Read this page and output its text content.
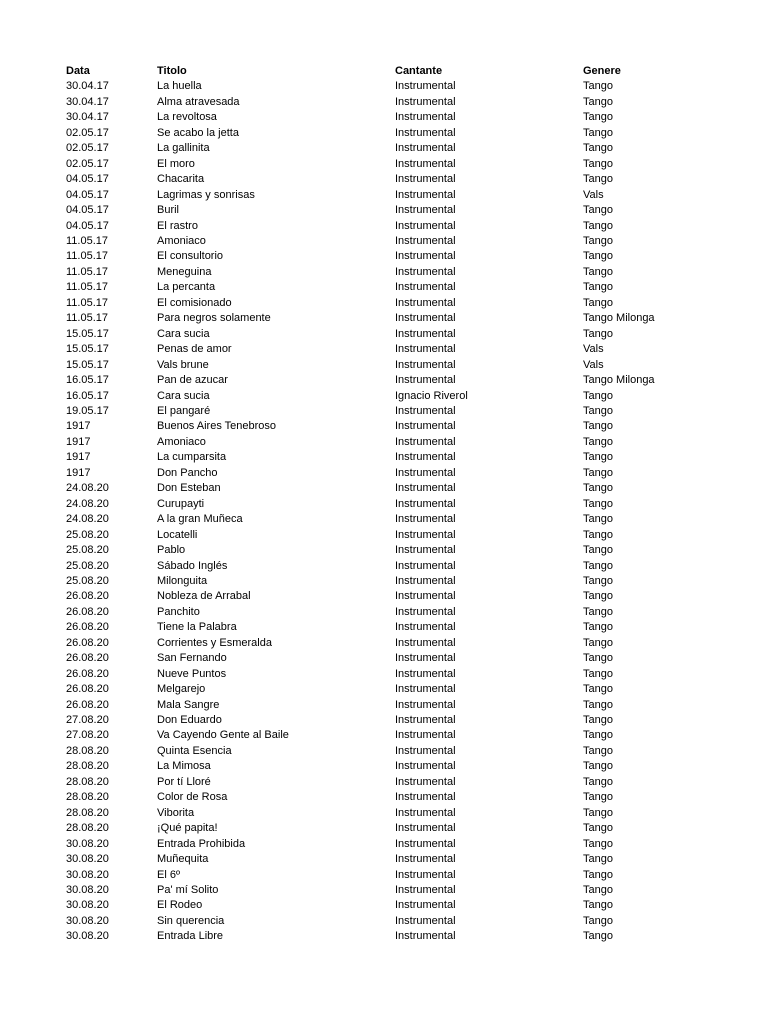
Data	Titolo	Cantante	Genere
30.04.17	La huella	Instrumental	Tango
30.04.17	Alma atravesada	Instrumental	Tango
30.04.17	La revoltosa	Instrumental	Tango
02.05.17	Se acabo la jetta	Instrumental	Tango
02.05.17	La gallinita	Instrumental	Tango
02.05.17	El moro	Instrumental	Tango
04.05.17	Chacarita	Instrumental	Tango
04.05.17	Lagrimas y sonrisas	Instrumental	Vals
04.05.17	Buril	Instrumental	Tango
04.05.17	El rastro	Instrumental	Tango
11.05.17	Amoniaco	Instrumental	Tango
11.05.17	El consultorio	Instrumental	Tango
11.05.17	Meneguina	Instrumental	Tango
11.05.17	La percanta	Instrumental	Tango
11.05.17	El comisionado	Instrumental	Tango
11.05.17	Para negros solamente	Instrumental	Tango Milonga
15.05.17	Cara sucia	Instrumental	Tango
15.05.17	Penas de amor	Instrumental	Vals
15.05.17	Vals brune	Instrumental	Vals
16.05.17	Pan de azucar	Instrumental	Tango Milonga
16.05.17	Cara sucia	Ignacio Riverol	Tango
19.05.17	El pangaré	Instrumental	Tango
1917	Buenos Aires Tenebroso	Instrumental	Tango
1917	Amoniaco	Instrumental	Tango
1917	La cumparsita	Instrumental	Tango
1917	Don Pancho	Instrumental	Tango
24.08.20	Don Esteban	Instrumental	Tango
24.08.20	Curupayti	Instrumental	Tango
24.08.20	A la gran Muñeca	Instrumental	Tango
25.08.20	Locatelli	Instrumental	Tango
25.08.20	Pablo	Instrumental	Tango
25.08.20	Sábado Inglés	Instrumental	Tango
25.08.20	Milonguita	Instrumental	Tango
26.08.20	Nobleza de Arrabal	Instrumental	Tango
26.08.20	Panchito	Instrumental	Tango
26.08.20	Tiene la Palabra	Instrumental	Tango
26.08.20	Corrientes y Esmeralda	Instrumental	Tango
26.08.20	San Fernando	Instrumental	Tango
26.08.20	Nueve Puntos	Instrumental	Tango
26.08.20	Melgarejo	Instrumental	Tango
26.08.20	Mala Sangre	Instrumental	Tango
27.08.20	Don Eduardo	Instrumental	Tango
27.08.20	Va Cayendo Gente al Baile	Instrumental	Tango
28.08.20	Quinta Esencia	Instrumental	Tango
28.08.20	La Mimosa	Instrumental	Tango
28.08.20	Por tí Lloré	Instrumental	Tango
28.08.20	Color de Rosa	Instrumental	Tango
28.08.20	Viborita	Instrumental	Tango
28.08.20	¡Qué papita!	Instrumental	Tango
30.08.20	Entrada Prohibida	Instrumental	Tango
30.08.20	Muñequita	Instrumental	Tango
30.08.20	El 6º	Instrumental	Tango
30.08.20	Pa' mí Solito	Instrumental	Tango
30.08.20	El Rodeo	Instrumental	Tango
30.08.20	Sin querencia	Instrumental	Tango
30.08.20	Entrada Libre	Instrumental	Tango
